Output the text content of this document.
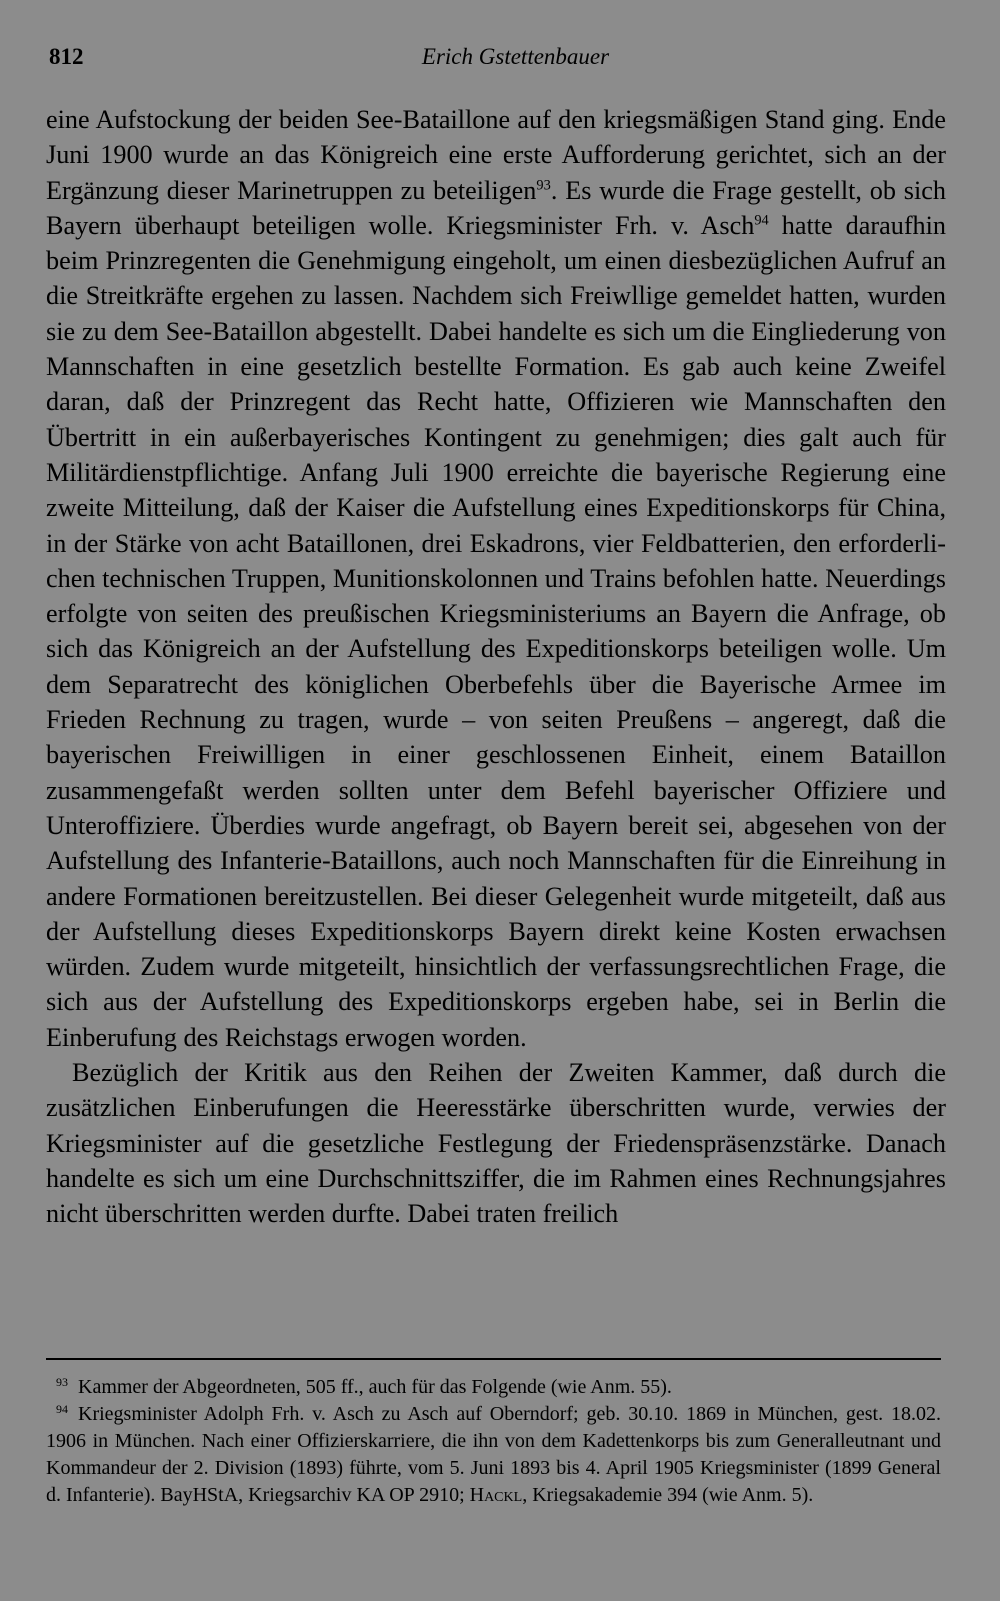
812	Erich Gstettenbauer

eine Aufstockung der beiden See-Bataillone auf den kriegsmäßigen Stand ging. Ende Juni 1900 wurde an das Königreich eine erste Aufforderung gerichtet, sich an der Ergänzung dieser Marinetruppen zu beteiligen$^{93}$. Es wurde die Frage gestellt, ob sich Bayern überhaupt beteiligen wolle. Kriegsminister Frh. v. Asch$^{94}$ hatte daraufhin beim Prinzregenten die Genehmigung eingeholt, um einen diesbezüglichen Aufruf an die Streitkräfte ergehen zu lassen. Nachdem sich Freiwllige gemeldet hatten, wurden sie zu dem See-Bataillon abgestellt. Dabei handelte es sich um die Eingliederung von Mannschaften in eine gesetzlich bestellte Formation. Es gab auch keine Zweifel daran, daß der Prinzregent das Recht hatte, Offizieren wie Mannschaften den Übertritt in ein außerbayerisches Kontingent zu genehmigen; dies galt auch für Militärdienstpflichtige. Anfang Juli 1900 erreichte die bayerische Regierung eine zweite Mitteilung, daß der Kaiser die Aufstellung eines Expeditionskorps für China, in der Stärke von acht Bataillonen, drei Eskadrons, vier Feldbatterien, den erforderlichen technischen Truppen, Munitionskolonnen und Trains befohlen hatte. Neuerdings erfolgte von seiten des preußischen Kriegsministeriums an Bayern die Anfrage, ob sich das Königreich an der Aufstellung des Expeditionskorps beteiligen wolle. Um dem Separatrecht des königlichen Oberbefehls über die Bayerische Armee im Frieden Rechnung zu tragen, wurde – von seiten Preußens – angeregt, daß die bayerischen Freiwilligen in einer geschlossenen Einheit, einem Bataillon zusammengefaßt werden sollten unter dem Befehl bayerischer Offiziere und Unteroffiziere. Überdies wurde angefragt, ob Bayern bereit sei, abgesehen von der Aufstellung des Infanterie-Bataillons, auch noch Mannschaften für die Einreihung in andere Formationen bereitzustellen. Bei dieser Gelegenheit wurde mitgeteilt, daß aus der Aufstellung dieses Expeditionskorps Bayern direkt keine Kosten erwachsen würden. Zudem wurde mitgeteilt, hinsichtlich der verfassungsrechtlichen Frage, die sich aus der Aufstellung des Expeditionskorps ergeben habe, sei in Berlin die Einberufung des Reichstags erwogen worden.

Bezüglich der Kritik aus den Reihen der Zweiten Kammer, daß durch die zusätzlichen Einberufungen die Heeresstärke überschritten wurde, verwies der Kriegsminister auf die gesetzliche Festlegung der Friedenspräsenzstärke. Danach handelte es sich um eine Durchschnittsziffer, die im Rahmen eines Rechnungsjahres nicht überschritten werden durfte. Dabei traten freilich

$^{93}$ Kammer der Abgeordneten, 505 ff., auch für das Folgende (wie Anm. 55).

$^{94}$ Kriegsminister Adolph Frh. v. Asch zu Asch auf Oberndorf; geb. 30.10. 1869 in München, gest. 18.02. 1906 in München. Nach einer Offizierskarriere, die ihn von dem Kadettenkorps bis zum Generalleutnant und Kommandeur der 2. Division (1893) führte, vom 5. Juni 1893 bis 4. April 1905 Kriegsminister (1899 General d. Infanterie). BayHStA, Kriegsarchiv KA OP 2910; Hackl, Kriegsakademie 394 (wie Anm. 5).
